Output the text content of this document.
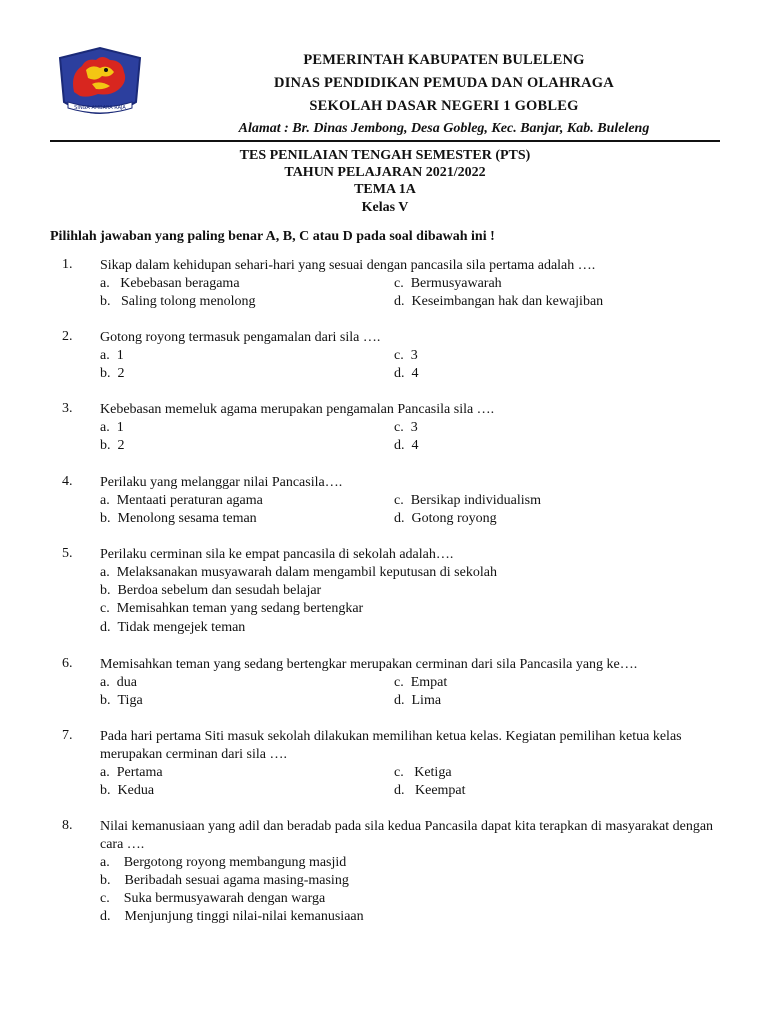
SINGA AMBARA RAJA
PEMERINTAH KABUPATEN BULELENG
DINAS PENDIDIKAN PEMUDA DAN OLAHRAGA
SEKOLAH DASAR NEGERI 1 GOBLEG
Alamat : Br. Dinas Jembong, Desa Gobleg, Kec. Banjar, Kab. Buleleng
TES PENILAIAN TENGAH SEMESTER (PTS)
TAHUN PELAJARAN 2021/2022
TEMA 1A
Kelas V
Pilihlah jawaban yang paling benar A, B, C atau D pada soal dibawah ini !
1. Sikap dalam kehidupan sehari-hari yang sesuai dengan pancasila sila pertama adalah ….
a. Kebebasan beragama
b. Saling tolong menolong
c. Bermusyawarah
d. Keseimbangan hak dan kewajiban
2. Gotong royong termasuk pengamalan dari sila ….
a. 1
b. 2
c. 3
d. 4
3. Kebebasan memeluk agama merupakan pengamalan Pancasila sila ….
a. 1
b. 2
c. 3
d. 4
4. Perilaku yang melanggar nilai Pancasila….
a. Mentaati peraturan agama
b. Menolong sesama teman
c. Bersikap individualism
d. Gotong royong
5. Perilaku cerminan sila ke empat pancasila di sekolah adalah….
a. Melaksanakan musyawarah dalam mengambil keputusan di sekolah
b. Berdoa sebelum dan sesudah belajar
c. Memisahkan teman yang sedang bertengkar
d. Tidak mengejek teman
6. Memisahkan teman yang sedang bertengkar merupakan cerminan dari sila Pancasila yang ke….
a. dua
b. Tiga
c. Empat
d. Lima
7. Pada hari pertama Siti masuk sekolah dilakukan memilihan ketua kelas. Kegiatan pemilihan ketua kelas merupakan cerminan dari sila ….
a. Pertama
b. Kedua
c. Ketiga
d. Keempat
8. Nilai kemanusiaan yang adil dan beradab pada sila kedua Pancasila dapat kita terapkan di masyarakat dengan cara ….
a. Bergotong royong membangung masjid
b. Beribadah sesuai agama masing-masing
c. Suka bermusyawarah dengan warga
d. Menjunjung tinggi nilai-nilai kemanusiaan
